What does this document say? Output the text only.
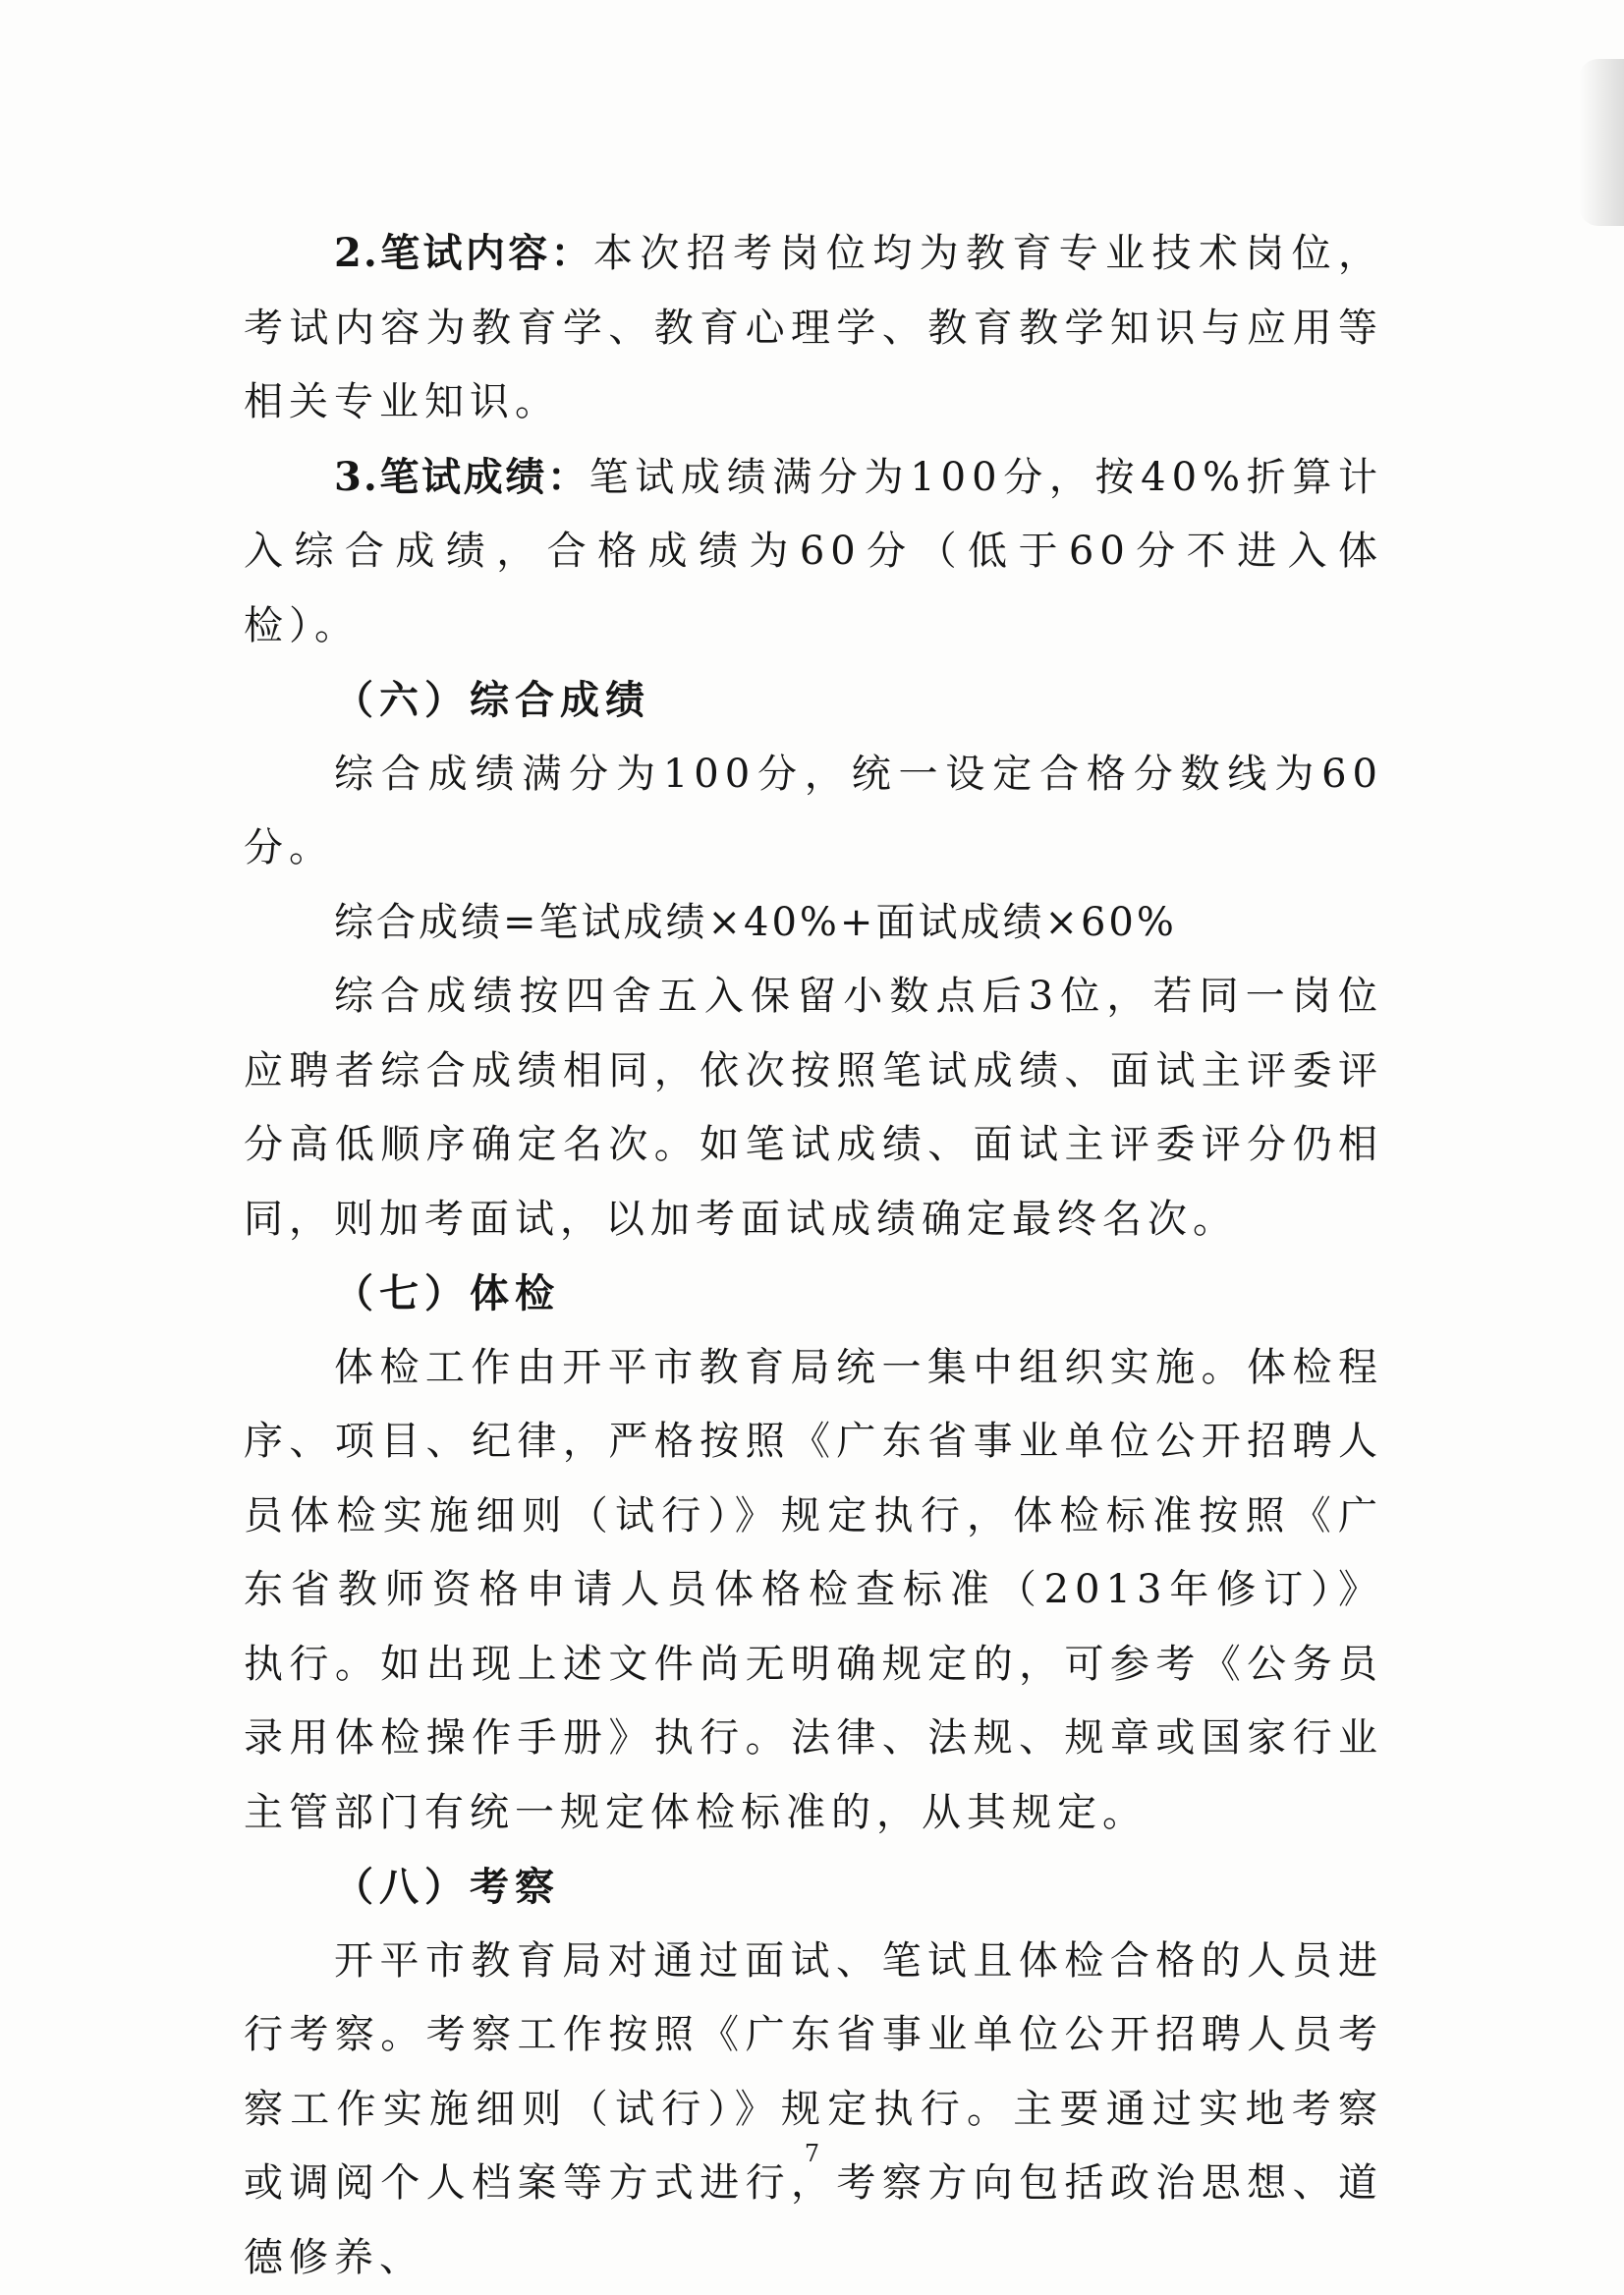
2.笔试内容：本次招考岗位均为教育专业技术岗位，考试内容为教育学、教育心理学、教育教学知识与应用等相关专业知识。

3.笔试成绩：笔试成绩满分为100分，按40%折算计入综合成绩，合格成绩为60分（低于60分不进入体检）。

（六）综合成绩

综合成绩满分为100分，统一设定合格分数线为60分。

综合成绩=笔试成绩×40%+面试成绩×60%

综合成绩按四舍五入保留小数点后3位，若同一岗位应聘者综合成绩相同，依次按照笔试成绩、面试主评委评分高低顺序确定名次。如笔试成绩、面试主评委评分仍相同，则加考面试，以加考面试成绩确定最终名次。

（七）体检

体检工作由开平市教育局统一集中组织实施。体检程序、项目、纪律，严格按照《广东省事业单位公开招聘人员体检实施细则（试行）》规定执行，体检标准按照《广东省教师资格申请人员体格检查标准（2013年修订）》执行。如出现上述文件尚无明确规定的，可参考《公务员录用体检操作手册》执行。法律、法规、规章或国家行业主管部门有统一规定体检标准的，从其规定。

（八）考察

开平市教育局对通过面试、笔试且体检合格的人员进行考察。考察工作按照《广东省事业单位公开招聘人员考察工作实施细则（试行）》规定执行。主要通过实地考察或调阅个人档案等方式进行，考察方向包括政治思想、道德修养、

7
